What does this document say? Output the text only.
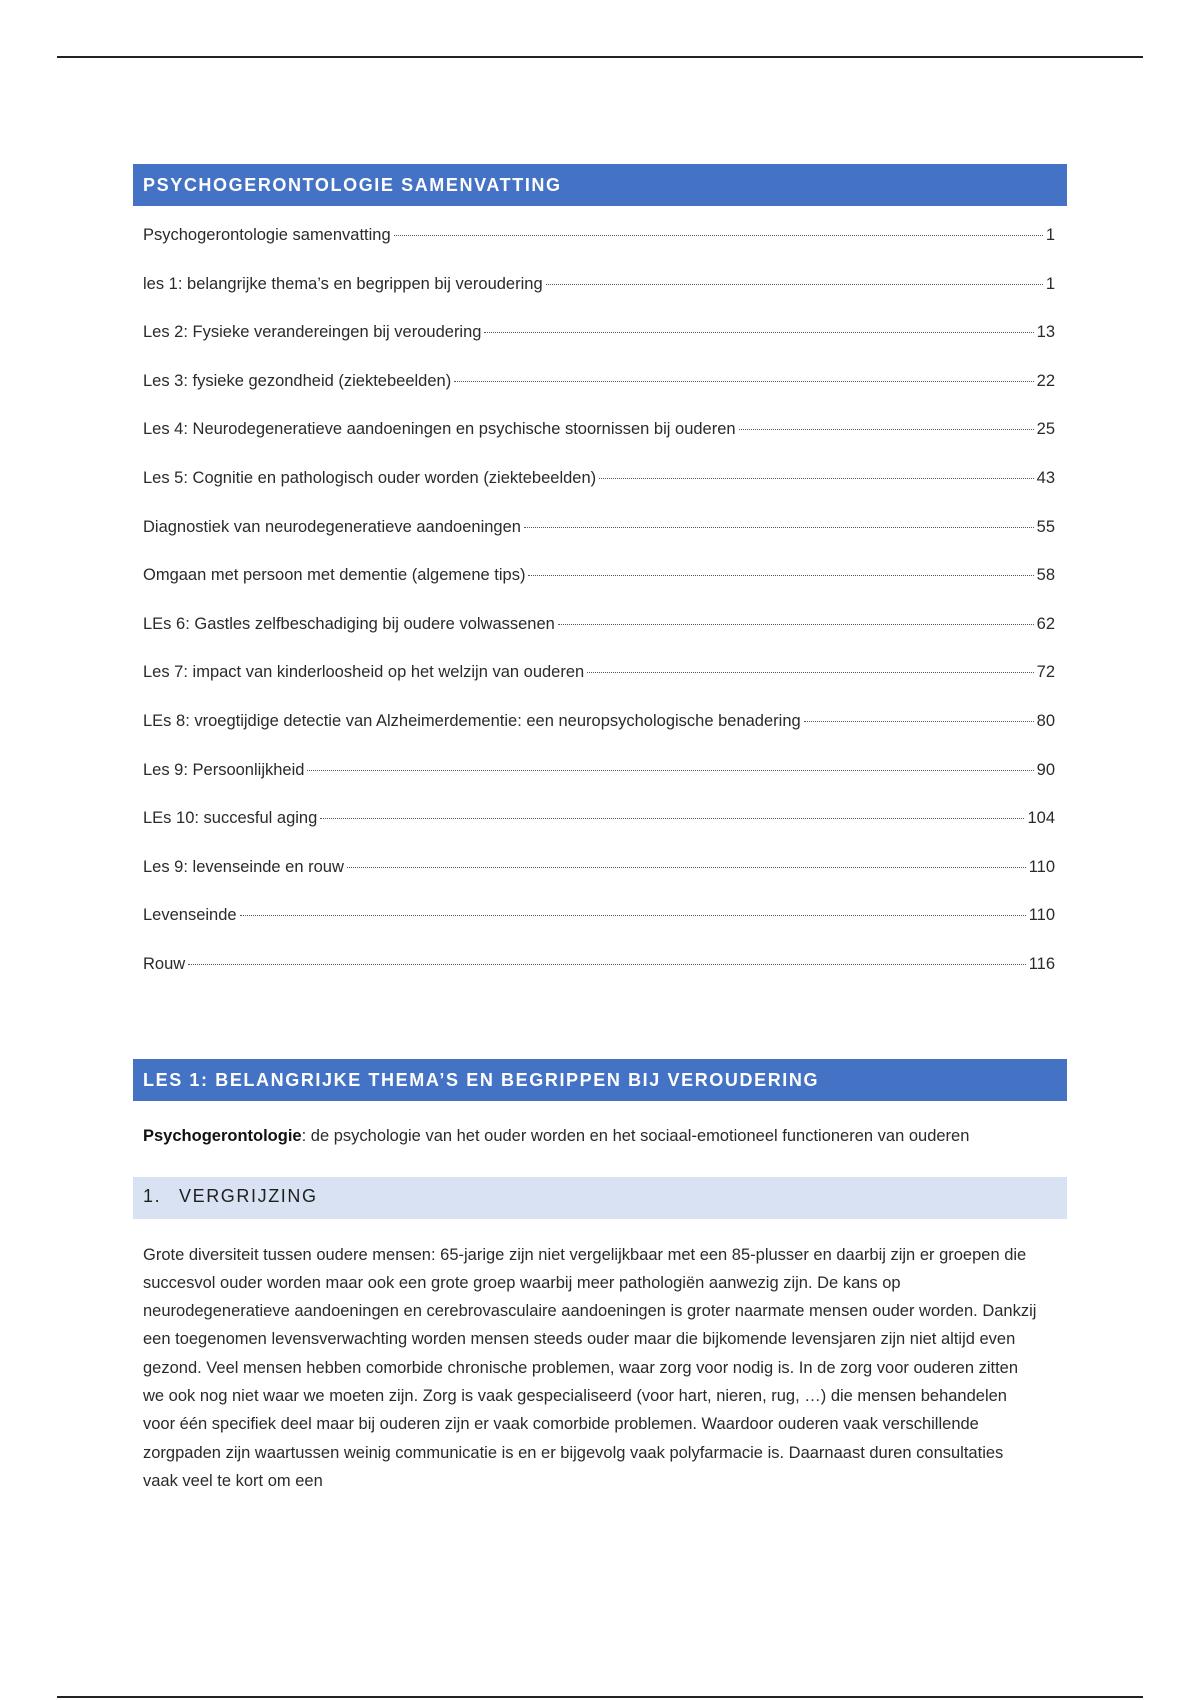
PSYCHOGERONTOLOGIE SAMENVATTING
Psychogerontologie samenvatting	1
les 1: belangrijke thema’s en begrippen bij veroudering	1
Les 2: Fysieke verandereingen bij veroudering	13
Les 3: fysieke gezondheid (ziektebeelden)	22
Les 4: Neurodegeneratieve aandoeningen en psychische stoornissen bij ouderen	25
Les 5: Cognitie en pathologisch ouder worden (ziektebeelden)	43
Diagnostiek van neurodegeneratieve aandoeningen	55
Omgaan met persoon met dementie (algemene tips)	58
LEs 6: Gastles zelfbeschadiging bij oudere volwassenen	62
Les 7: impact van kinderloosheid op het welzijn van ouderen	72
LEs 8: vroegtijdige detectie van Alzheimerdementie: een neuropsychologische benadering	80
Les 9: Persoonlijkheid	90
LEs 10: succesful aging	104
Les 9: levenseinde en rouw	110
Levenseinde	110
Rouw	116
LES 1: BELANGRIJKE THEMA’S EN BEGRIPPEN BIJ VEROUDERING

Psychogerontologie: de psychologie van het ouder worden en het sociaal-emotioneel functioneren van ouderen

1. VERGRIJZING

Grote diversiteit tussen oudere mensen: 65-jarige zijn niet vergelijkbaar met een 85-plusser en daarbij zijn er groepen die succesvol ouder worden maar ook een grote groep waarbij meer pathologiën aanwezig zijn. De kans op neurodegeneratieve aandoeningen en cerebrovasculaire aandoeningen is groter naarmate mensen ouder worden. Dankzij een toegenomen levensverwachting worden mensen steeds ouder maar die bijkomende levensjaren zijn niet altijd even gezond. Veel mensen hebben comorbide chronische problemen, waar zorg voor nodig is. In de zorg voor ouderen zitten we ook nog niet waar we moeten zijn. Zorg is vaak gespecialiseerd (voor hart, nieren, rug, …) die mensen behandelen voor één specifiek deel maar bij ouderen zijn er vaak comorbide problemen. Waardoor ouderen vaak verschillende zorgpaden zijn waartussen weinig communicatie is en er bijgevolg vaak polyfarmacie is. Daarnaast duren consultaties vaak veel te kort om een
